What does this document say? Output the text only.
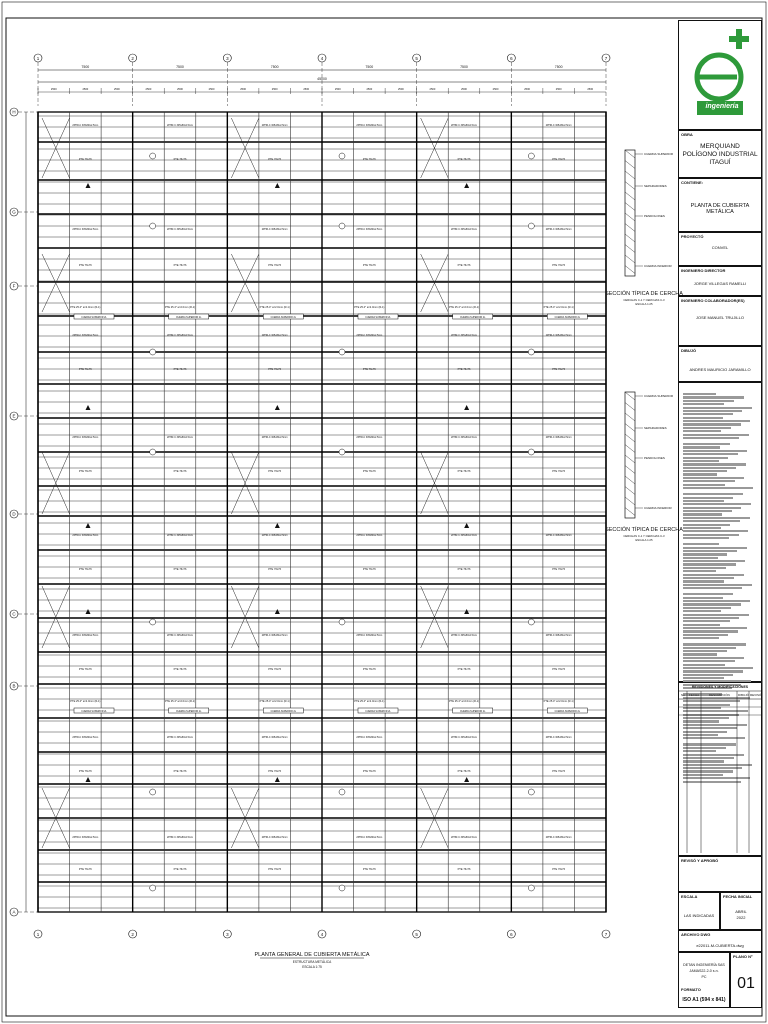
1
1
2
2
3
3
4
4
5
5
6
6
7
7
7500	7500	7500	7500	7500	7500
45000
2500	2500	2500	2500	2500	2500	2500	2500	2500	2500	2500	2500	2500	2500	2500	2500	2500	2500
H
G
F
E
D
C
B
A
2PHR-C 305x80x2.5mm	2PHR-C 305x80x2.5mm	2PHR-C 305x80x2.5mm	2PHR-C 305x80x2.5mm	2PHR-C 305x80x2.5mm	2PHR-C 305x80x2.5mm
PTE 76x76	PTE 76x76	PTE 76x76	PTE 76x76	PTE 76x76	PTE 76x76
2PHR-C 305x80x2.5mm	2PHR-C 305x80x2.5mm	2PHR-C 305x80x2.5mm	2PHR-C 305x80x2.5mm	2PHR-C 305x80x2.5mm	2PHR-C 305x80x2.5mm
PTE 76x76	PTE 76x76	PTE 76x76	PTE 76x76	PTE 76x76	PTE 76x76
2PHR-C 305x80x2.5mm	2PHR-C 305x80x2.5mm	2PHR-C 305x80x2.5mm	2PHR-C 305x80x2.5mm	2PHR-C 305x80x2.5mm	2PHR-C 305x80x2.5mm
PTE 76x76	PTE 76x76	PTE 76x76	PTE 76x76	PTE 76x76	PTE 76x76
2PHR-C 305x80x2.5mm	2PHR-C 305x80x2.5mm	2PHR-C 305x80x2.5mm	2PHR-C 305x80x2.5mm	2PHR-C 305x80x2.5mm	2PHR-C 305x80x2.5mm
PTE 76x76	PTE 76x76	PTE 76x76	PTE 76x76	PTE 76x76	PTE 76x76
2PHR-C 305x80x2.5mm	2PHR-C 305x80x2.5mm	2PHR-C 305x80x2.5mm	2PHR-C 305x80x2.5mm	2PHR-C 305x80x2.5mm	2PHR-C 305x80x2.5mm
PTE 76x76	PTE 76x76	PTE 76x76	PTE 76x76	PTE 76x76	PTE 76x76
2PHR-C 305x80x2.5mm	2PHR-C 305x80x2.5mm	2PHR-C 305x80x2.5mm	2PHR-C 305x80x2.5mm	2PHR-C 305x80x2.5mm	2PHR-C 305x80x2.5mm
PTE 76x76	PTE 76x76	PTE 76x76	PTE 76x76	PTE 76x76	PTE 76x76
2PHR-C 305x80x2.5mm	2PHR-C 305x80x2.5mm	2PHR-C 305x80x2.5mm	2PHR-C 305x80x2.5mm	2PHR-C 305x80x2.5mm	2PHR-C 305x80x2.5mm
PTE 76x76	PTE 76x76	PTE 76x76	PTE 76x76	PTE 76x76	PTE 76x76
2PHR-C 305x80x2.5mm	2PHR-C 305x80x2.5mm	2PHR-C 305x80x2.5mm	2PHR-C 305x80x2.5mm	2PHR-C 305x80x2.5mm	2PHR-C 305x80x2.5mm
PTE 76x76	PTE 76x76	PTE 76x76	PTE 76x76	PTE 76x76	PTE 76x76
PTE 25.4° a=2.0mm (R-1)
CUERDA SUPERIOR 2L
PTE 25.4° a=2.0mm (R-1)
CUERDA SUPERIOR 2L
PTE 25.4° a=2.0mm (R-1)
CUERDA SUPERIOR 2L
PTE 25.4° a=2.0mm (R-1)
CUERDA SUPERIOR 2L
PTE 25.4° a=2.0mm (R-1)
CUERDA SUPERIOR 2L
PTE 25.4° a=2.0mm (R-1)
CUERDA SUPERIOR 2L
PTE 25.4° a=2.0mm (R-1)
CUERDA SUPERIOR 2L
PTE 25.4° a=2.0mm (R-1)
CUERDA SUPERIOR 2L
PTE 25.4° a=2.0mm (R-1)
CUERDA SUPERIOR 2L
PTE 25.4° a=2.0mm (R-1)
CUERDA SUPERIOR 2L
PTE 25.4° a=2.0mm (R-1)
CUERDA SUPERIOR 2L
PTE 25.4° a=2.0mm (R-1)
CUERDA SUPERIOR 2L
PLANTA GENERAL DE CUBIERTA METÁLICA
ESTRUCTURA METÁLICA
ESCALA 1:75
CUERDA SUPERIOR
SEPARADORES
PENDOLONES
CUERDA INFERIOR
SECCIÓN TÍPICA DE CERCHA
CERCHAS C-1 Y CERCHAS C-3
ESCALA 1:25
CUERDA SUPERIOR
SEPARADORES
PENDOLONES
CUERDA INFERIOR
SECCIÓN TÍPICA DE CERCHA
CERCHAS C-1 Y CERCHAS C-3
ESCALA 1:25
ingeniería
OBRA
MERQUIAND
POLÍGONO INDUSTRIAL
ITAGUÍ
CONTIENE:
PLANTA DE CUBIERTA METÁLICA
PROYECTÓ
CONVEL
INGENIERO DIRECTOR
JORGE VILLEGAS RAMELLI
INGENIERO COLABORADOR(ES)
JOSE MANUEL TRUJILLO
DIBUJÓ
ANDRES MAURICIO JARAMILLO
REVISIONES Y MODIFICACIONES
No FECHA	DESCRIPCIÓN	DIBUJÓ REVISÓ
REVISÓ Y APROBÓ
ESCALA
LAS INDICADAS
FECHA INICIAL
ABRIL
2022
ARCHIVO DWG
e22011-M-CUBIERTA.dwg
DETAN INGENIERÍA SAS
JAMAS22-2-0 s.n.
PC
FORMATO
ISO A1 (594 x 841)
PLANO Nº
01
